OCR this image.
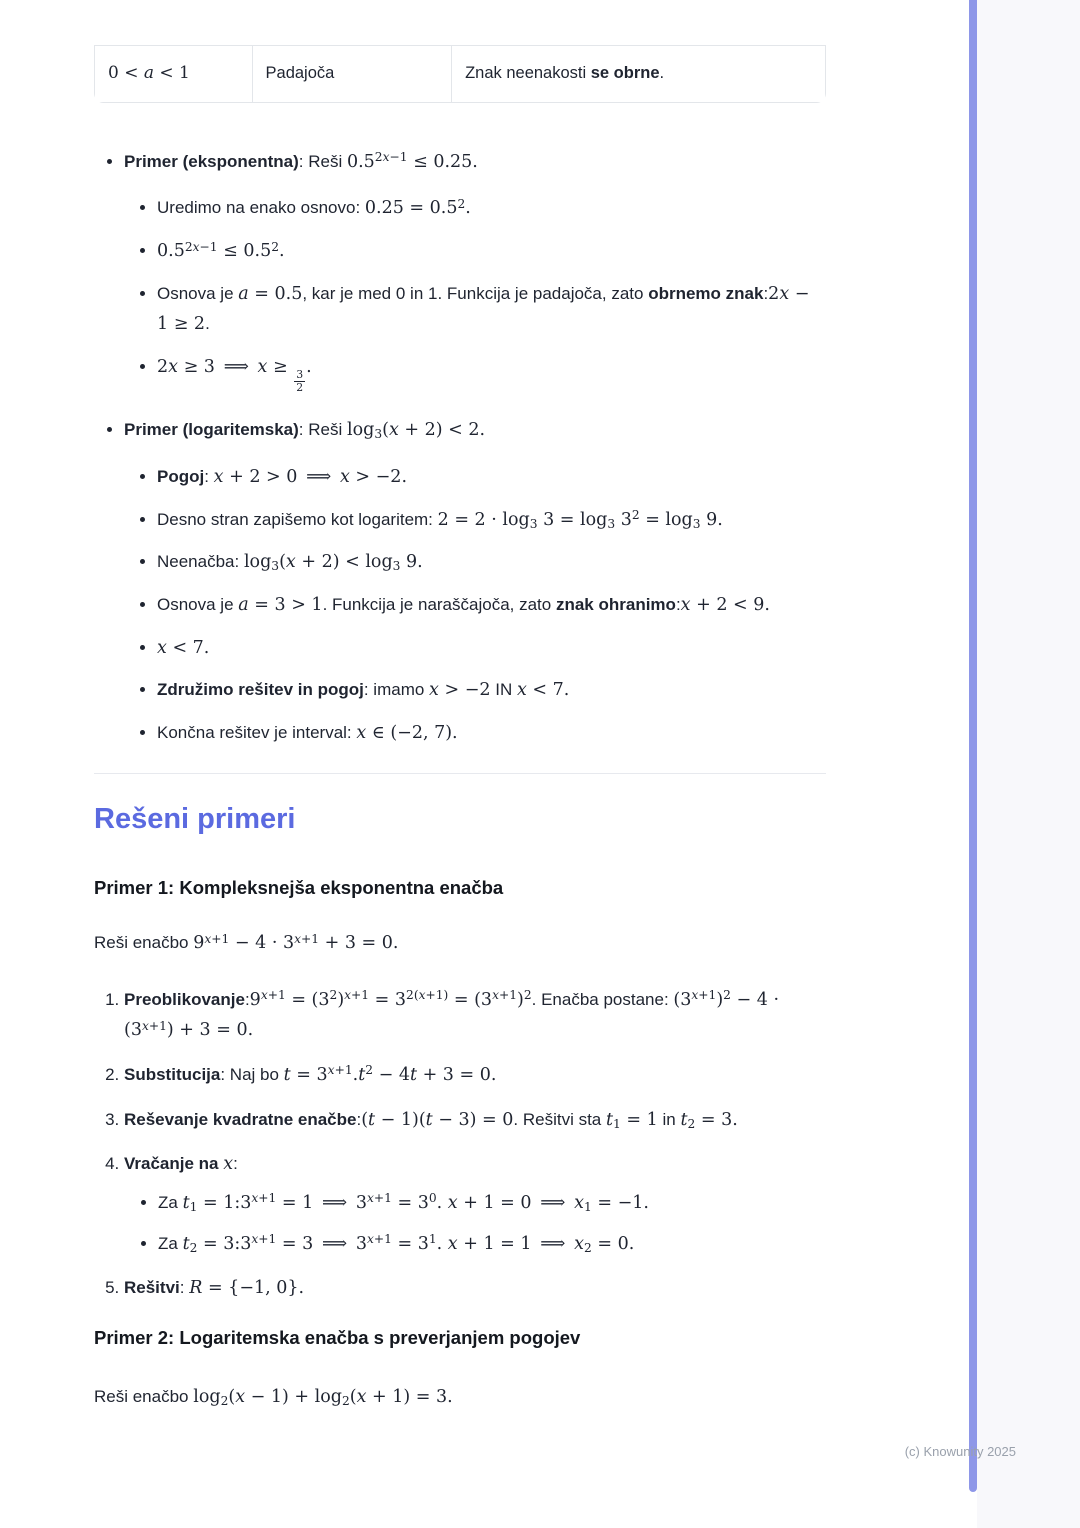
0 < a < 1	Padajoča	Znak neenakosti se obrne.
• Primer (eksponentna): Reši $0.5^{2x-1} \le 0.25$.
• Uredimo na enako osnovo: $0.25 = 0.5^2$.
• $0.5^{2x-1} \le 0.5^2$.
• Osnova je a = 0.5, kar je med 0 in 1. Funkcija je padajoča, zato obrnemo znak:2x − 1 ≥ 2.
• 2x ≥ 3 ⟹ x ≥
$\frac{3}{2}$
.
• Primer (logaritemska): Reši log3(x + 2) < 2.
• Pogoj: x + 2 > 0 ⟹ x > −2.
• Desno stran zapišemo kot logaritem: 2 = 2 · log3 3 = log3 $3^2 = \log 3$ 9.
• Neenačba: log3(x + 2) < log3 9.
• Osnova je a = 3 > 1. Funkcija je naraščajoča, zato znak ohranimo:x + 2 < 9.
• x < 7.
• Združimo rešitev in pogoj: imamo x > −2 IN x < 7.
• Končna rešitev je interval: x ∈ (−2, 7).
Rešeni primeri
Primer 1: Kompleksnejša eksponentna enačba

Reši enačbo $9^{x+1} - 4 \cdot 3^{x+1} + 3 = 0$.

1. $Preoblikovanje:9^{x+1} = (3^2)^{x+1} = 3^{2(x+1)} = (3^{x+1})^2$. Enačba postane: $(3^{x+1})^2 - 4 \cdot (3^{x+1}) + 3 = 0$.
2. Substitucija: Naj bo $t = 3^{x+1}.t^2 - 4t + 3 = 0$.
3. Reševanje kvadratne enačbe:(t − 1)(t − 3) = 0. Rešitvi sta t1 = 1 in t2 = 3.
4. Vračanje na x:
• Za $t1 = 1:3^{x+1} = 1$ ⟹ $3^{x+1} = 3^0$. x + 1 = 0 ⟹ x1 = −1.
• Za $t2 = 3:3^{x+1} = 3$ ⟹ $3^{x+1} = 3^1$. x + 1 = 1 ⟹ x2 = 0.
5. Rešitvi: R = {−1, 0}.
Primer 2: Logaritemska enačba s preverjanjem pogojev

Reši enačbo log2(x − 1) + log2(x + 1) = 3.

(c) Knowunity 2025
